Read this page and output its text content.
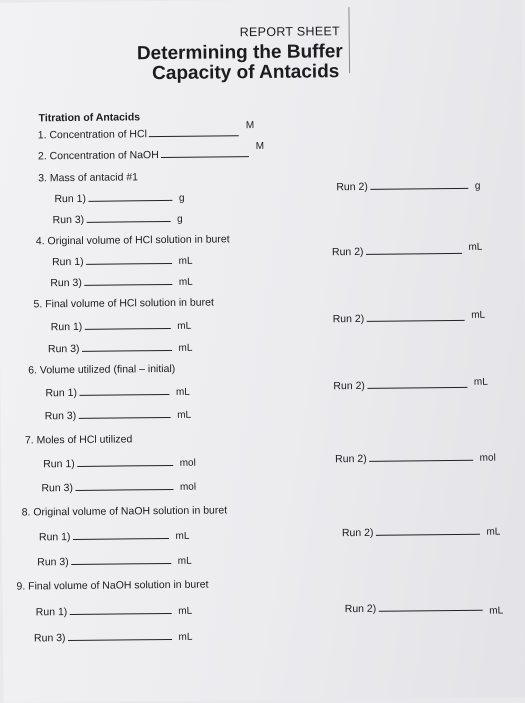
​
REPORT SHEET
Determining the Buffer
Capacity of Antacids
Titration of Antacids
1. Concentration of HCl
M
2. Concentration of NaOH
M
3. Mass of antacid #1
Run 1)	g
Run 2)	g
Run 3)	g
4. Original volume of HCl solution in buret
Run 1)	mL
Run 2)	mL
Run 3)	mL
5. Final volume of HCl solution in buret
Run 1)	mL
Run 2)	mL
Run 3)	mL
6. Volume utilized (final – initial)
Run 1)	mL
Run 2)	mL
Run 3)	mL
7. Moles of HCl utilized
Run 1)	mol	Run 2)	mol
Run 3)	mol
8. Original volume of NaOH solution in buret
Run 1)	mL	Run 2)	mL
Run 3)	mL
9. Final volume of NaOH solution in buret
Run 1)	mL	Run 2)	mL
Run 3)	mL
